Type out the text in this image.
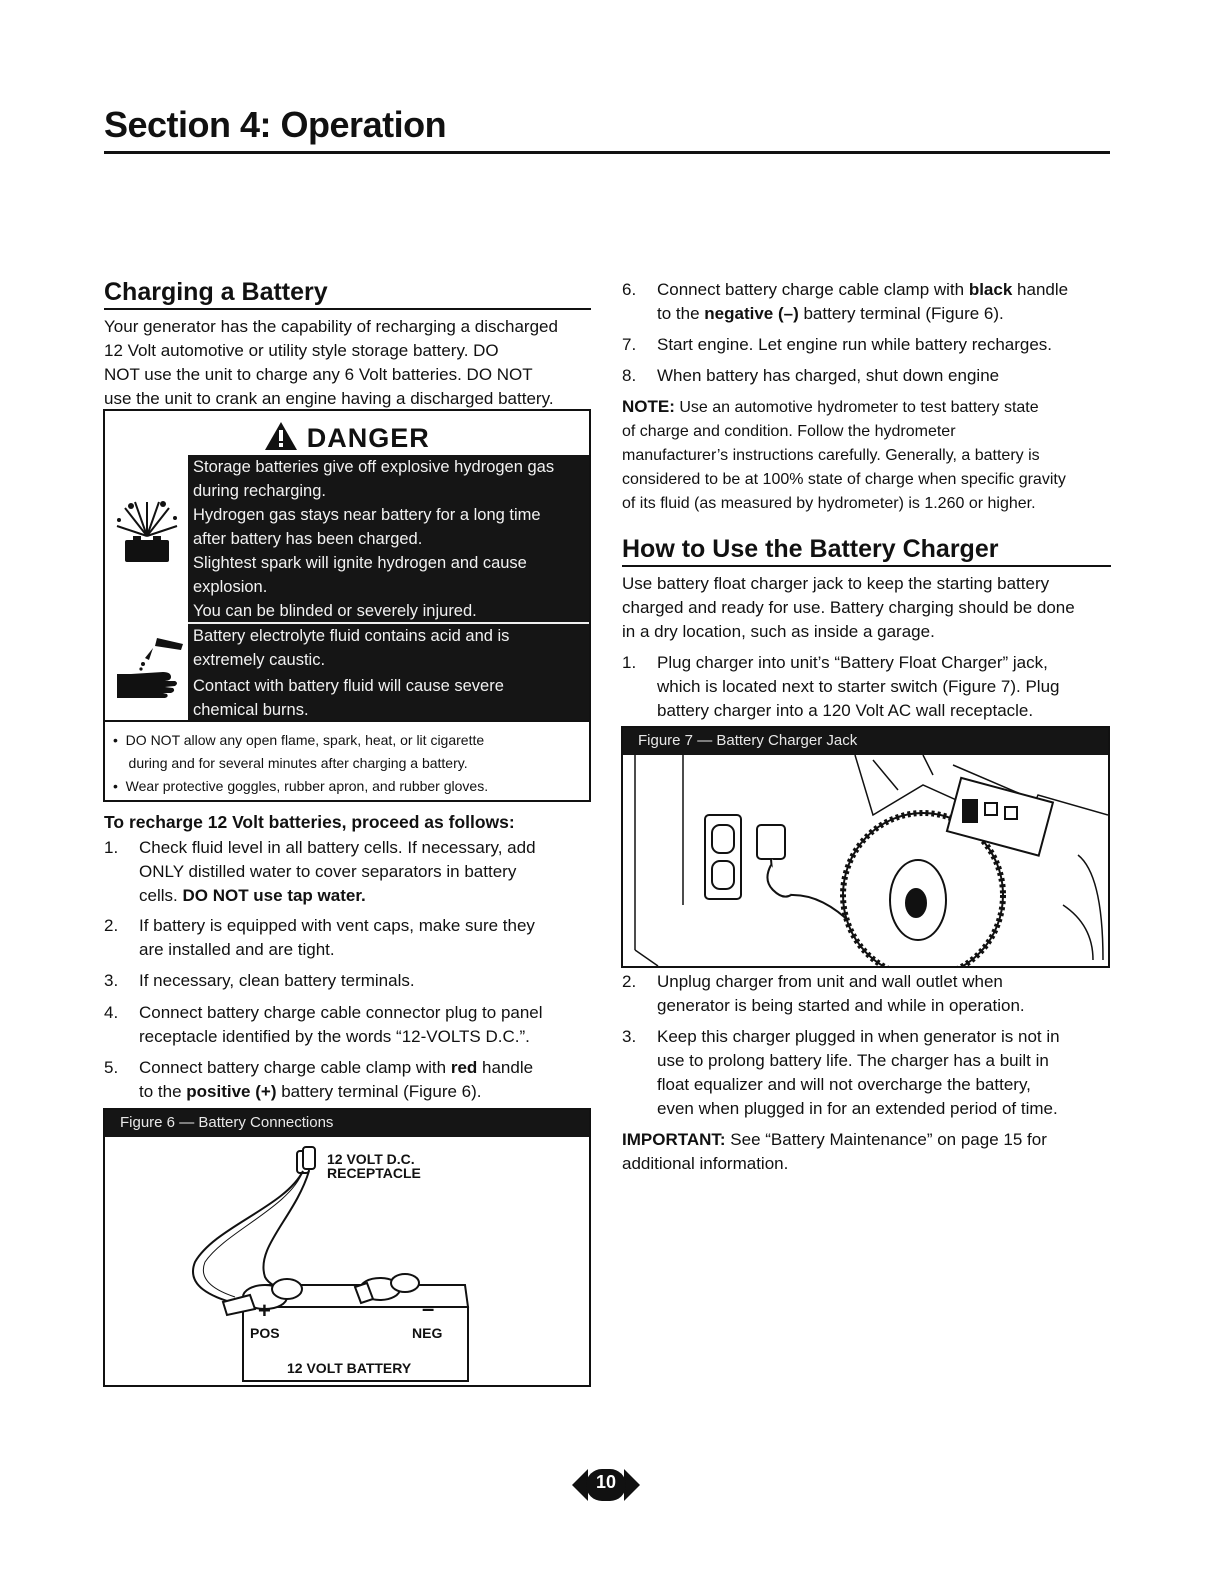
Section 4: Operation
Charging a Battery
Your generator has the capability of recharging a discharged
12 Volt automotive or utility style storage battery. DO
NOT use the unit to charge any 6 Volt batteries. DO NOT
use the unit to crank an engine having a discharged battery.
DANGER
Storage batteries give off explosive hydrogen gas
during recharging.
Hydrogen gas stays near battery for a long time
after battery has been charged.
Slightest spark will ignite hydrogen and cause
explosion.
You can be blinded or severely injured.
Battery electrolyte fluid contains acid and is
extremely caustic.
Contact with battery fluid will cause severe
chemical burns.
•  DO NOT allow any open flame, spark, heat, or lit cigarette
during and for several minutes after charging a battery.
•  Wear protective goggles, rubber apron, and rubber gloves.
To recharge 12 Volt batteries, proceed as follows:
1. Check fluid level in all battery cells. If necessary, add
ONLY distilled water to cover separators in battery
cells. DO NOT use tap water.
2. If battery is equipped with vent caps, make sure they
are installed and are tight.
3. If necessary, clean battery terminals.
4. Connect battery charge cable connector plug to panel
receptacle identified by the words “12-VOLTS D.C.”.
5. Connect battery charge cable clamp with red handle
to the positive (+) battery terminal (Figure 6).
Figure 6 — Battery Connections
12 VOLT D.C.
RECEPTACLE
+	–
POS	NEG
12 VOLT BATTERY
6. Connect battery charge cable clamp with black handle
to the negative (–) battery terminal (Figure 6).
7. Start engine. Let engine run while battery recharges.
8. When battery has charged, shut down engine
NOTE: Use an automotive hydrometer to test battery state
of charge and condition. Follow the hydrometer
manufacturer’s instructions carefully. Generally, a battery is
considered to be at 100% state of charge when specific gravity
of its fluid (as measured by hydrometer) is 1.260 or higher.
How to Use the Battery Charger
Use battery float charger jack to keep the starting battery
charged and ready for use. Battery charging should be done
in a dry location, such as inside a garage.
1. Plug charger into unit’s “Battery Float Charger” jack,
which is located next to starter switch (Figure 7). Plug
battery charger into a 120 Volt AC wall receptacle.
Figure 7 — Battery Charger Jack
2. Unplug charger from unit and wall outlet when
generator is being started and while in operation.
3. Keep this charger plugged in when generator is not in
use to prolong battery life. The charger has a built in
float equalizer and will not overcharge the battery,
even when plugged in for an extended period of time.
IMPORTANT: See “Battery Maintenance” on page 15 for
additional information.
10
